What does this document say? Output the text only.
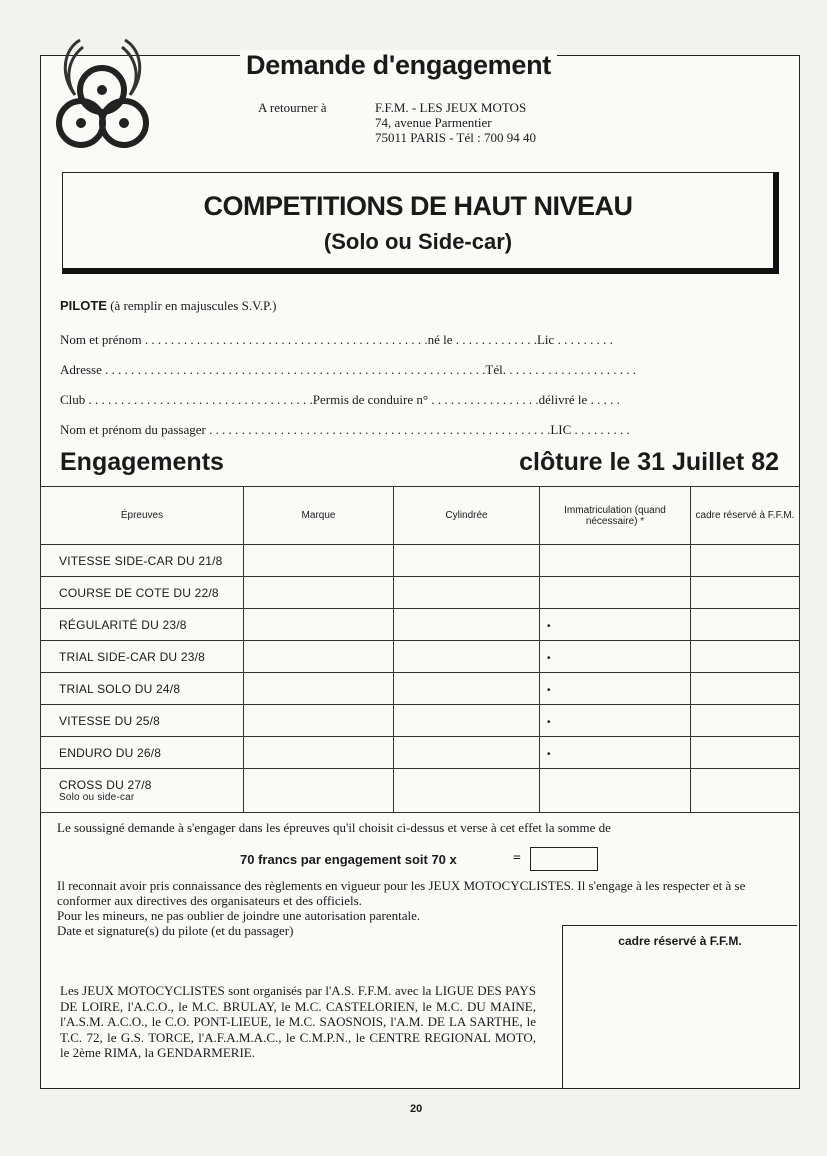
Demande d'engagement
A retourner à	F.F.M. - LES JEUX MOTOS
74, avenue Parmentier
75011 PARIS - Tél : 700 94 40
COMPETITIONS DE HAUT NIVEAU
(Solo ou Side-car)
PILOTE (à remplir en majuscules S.V.P.)
Nom et prénom . . . . . . . . . . . . . . . . . . . . . . . . . . . . . . . . . . . . . . . . . . . .né le . . . . . . . . . . . . .Lic . . . . . . . . .
Adresse . . . . . . . . . . . . . . . . . . . . . . . . . . . . . . . . . . . . . . . . . . . . . . . . . . . . . . . . . . .Tél. . . . . . . . . . . . . . . . . . . . .
Club . . . . . . . . . . . . . . . . . . . . . . . . . . . . . . . . . . .Permis de conduire n° . . . . . . . . . . . . . . . . .délivré le . . . . .
Nom et prénom du passager . . . . . . . . . . . . . . . . . . . . . . . . . . . . . . . . . . . . . . . . . . . . . . . . . . . . .LIC . . . . . . . . .
Engagements	clôture le 31 Juillet 82
Épreuves	Marque	Cylindrée	Immatriculation (quand nécessaire) *	cadre réservé à F.F.M.
VITESSE SIDE-CAR DU 21/8				
COURSE DE COTE DU 22/8				
RÉGULARITÉ DU 23/8			•	
TRIAL SIDE-CAR DU 23/8			•	
TRIAL SOLO DU 24/8			•	
VITESSE DU 25/8			•	
ENDURO DU 26/8			•	
CROSS DU 27/8
Solo ou side-car				

Le soussigné demande à s'engager dans les épreuves qu'il choisit ci-dessus et verse à cet effet la somme de
70 francs par engagement soit 70 x	=
Il reconnait avoir pris connaissance des règlements en vigueur pour les JEUX MOTOCYCLISTES. Il s'engage à les respecter et à se conformer aux directives des organisateurs et des officiels.
Pour les mineurs, ne pas oublier de joindre une autorisation parentale.
Date et signature(s) du pilote (et du passager)
cadre réservé à F.F.M.
Les JEUX MOTOCYCLISTES sont organisés par l'A.S. F.F.M. avec la LIGUE DES PAYS DE LOIRE, l'A.C.O., le M.C. BRULAY, le M.C. CASTELORIEN, le M.C. DU MAINE, l'A.S.M. A.C.O., le C.O. PONT-LIEUE, le M.C. SAOSNOIS, l'A.M. DE LA SARTHE, le T.C. 72, le G.S. TORCE, l'A.F.A.M.A.C., le C.M.P.N., le CENTRE REGIONAL MOTO, le 2ème RIMA, la GENDARMERIE.
20
